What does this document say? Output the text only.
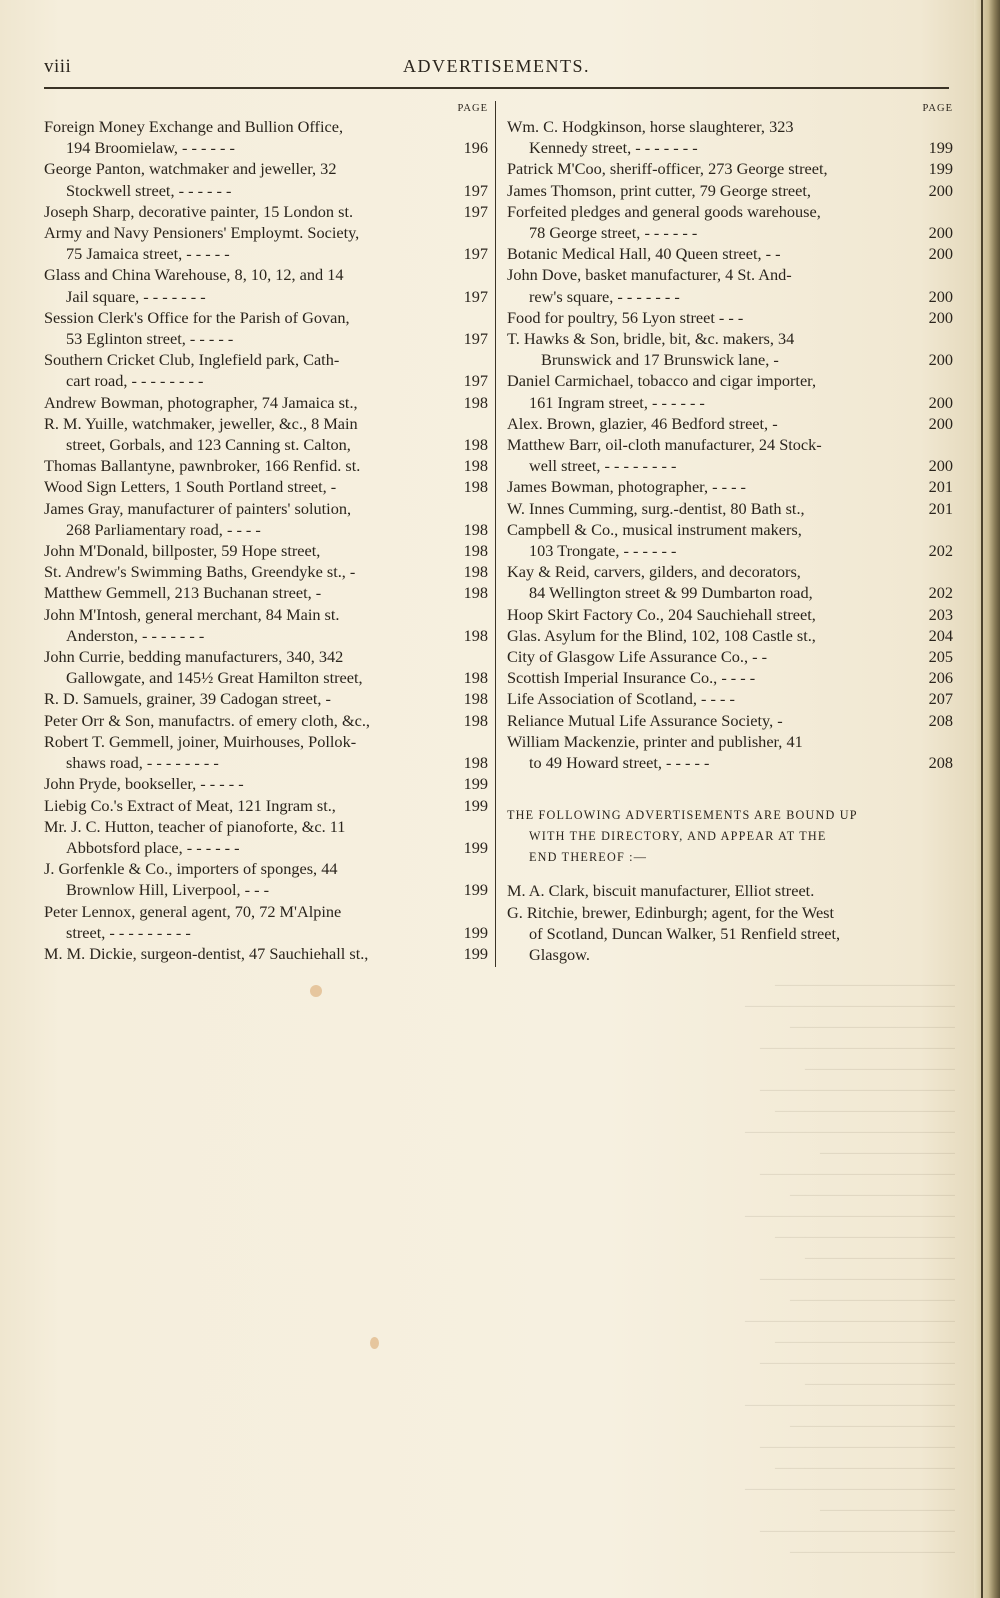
viii	ADVERTISEMENTS.
PAGE
Foreign Money Exchange and Bullion Office,
194 Broomielaw, - - - - - -	196
George Panton, watchmaker and jeweller, 32
Stockwell street, - - - - - -	197
Joseph Sharp, decorative painter, 15 London st.	197
Army and Navy Pensioners' Employmt. Society,
75 Jamaica street, - - - - -	197
Glass and China Warehouse, 8, 10, 12, and 14
Jail square, - - - - - - -	197
Session Clerk's Office for the Parish of Govan,
53 Eglinton street, - - - - -	197
Southern Cricket Club, Inglefield park, Cath-
cart road, - - - - - - - -	197
Andrew Bowman, photographer, 74 Jamaica st.,	198
R. M. Yuille, watchmaker, jeweller, &c., 8 Main
street, Gorbals, and 123 Canning st. Calton,	198
Thomas Ballantyne, pawnbroker, 166 Renfid. st.	198
Wood Sign Letters, 1 South Portland street, -	198
James Gray, manufacturer of painters' solution,
268 Parliamentary road, - - - -	198
John M'Donald, billposter, 59 Hope street,	198
St. Andrew's Swimming Baths, Greendyke st., -	198
Matthew Gemmell, 213 Buchanan street, -	198
John M'Intosh, general merchant, 84 Main st.
Anderston, - - - - - - -	198
John Currie, bedding manufacturers, 340, 342
Gallowgate, and 145½ Great Hamilton street,	198
R. D. Samuels, grainer, 39 Cadogan street, -	198
Peter Orr & Son, manufactrs. of emery cloth, &c.,	198
Robert T. Gemmell, joiner, Muirhouses, Pollok-
shaws road, - - - - - - - -	198
John Pryde, bookseller, - - - - -	199
Liebig Co.'s Extract of Meat, 121 Ingram st.,	199
Mr. J. C. Hutton, teacher of pianoforte, &c. 11
Abbotsford place, - - - - - -	199
J. Gorfenkle & Co., importers of sponges, 44
Brownlow Hill, Liverpool, - - -	199
Peter Lennox, general agent, 70, 72 M'Alpine
street, - - - - - - - - -	199
M. M. Dickie, surgeon-dentist, 47 Sauchiehall st.,	199
PAGE
Wm. C. Hodgkinson, horse slaughterer, 323
Kennedy street, - - - - - - -	199
Patrick M'Coo, sheriff-officer, 273 George street,	199
James Thomson, print cutter, 79 George street,	200
Forfeited pledges and general goods warehouse,
78 George street, - - - - - -	200
Botanic Medical Hall, 40 Queen street, - -	200
John Dove, basket manufacturer, 4 St. And-
rew's square, - - - - - - -	200
Food for poultry, 56 Lyon street - - -	200
T. Hawks & Son, bridle, bit, &c. makers, 34
Brunswick and 17 Brunswick lane, -	200
Daniel Carmichael, tobacco and cigar importer,
161 Ingram street, - - - - - -	200
Alex. Brown, glazier, 46 Bedford street, -	200
Matthew Barr, oil-cloth manufacturer, 24 Stock-
well street, - - - - - - - -	200
James Bowman, photographer, - - - -	201
W. Innes Cumming, surg.-dentist, 80 Bath st.,	201
Campbell & Co., musical instrument makers,
103 Trongate, - - - - - -	202
Kay & Reid, carvers, gilders, and decorators,
84 Wellington street & 99 Dumbarton road,	202
Hoop Skirt Factory Co., 204 Sauchiehall street,	203
Glas. Asylum for the Blind, 102, 108 Castle st.,	204
City of Glasgow Life Assurance Co., - -	205
Scottish Imperial Insurance Co., - - - -	206
Life Association of Scotland, - - - -	207
Reliance Mutual Life Assurance Society, -	208
William Mackenzie, printer and publisher, 41
to 49 Howard street, - - - - -	208
THE FOLLOWING ADVERTISEMENTS ARE BOUND UP
WITH THE DIRECTORY, AND APPEAR AT THE
END THEREOF :—
M. A. Clark, biscuit manufacturer, Elliot street.
G. Ritchie, brewer, Edinburgh; agent, for the West
of Scotland, Duncan Walker, 51 Renfield street,
Glasgow.
